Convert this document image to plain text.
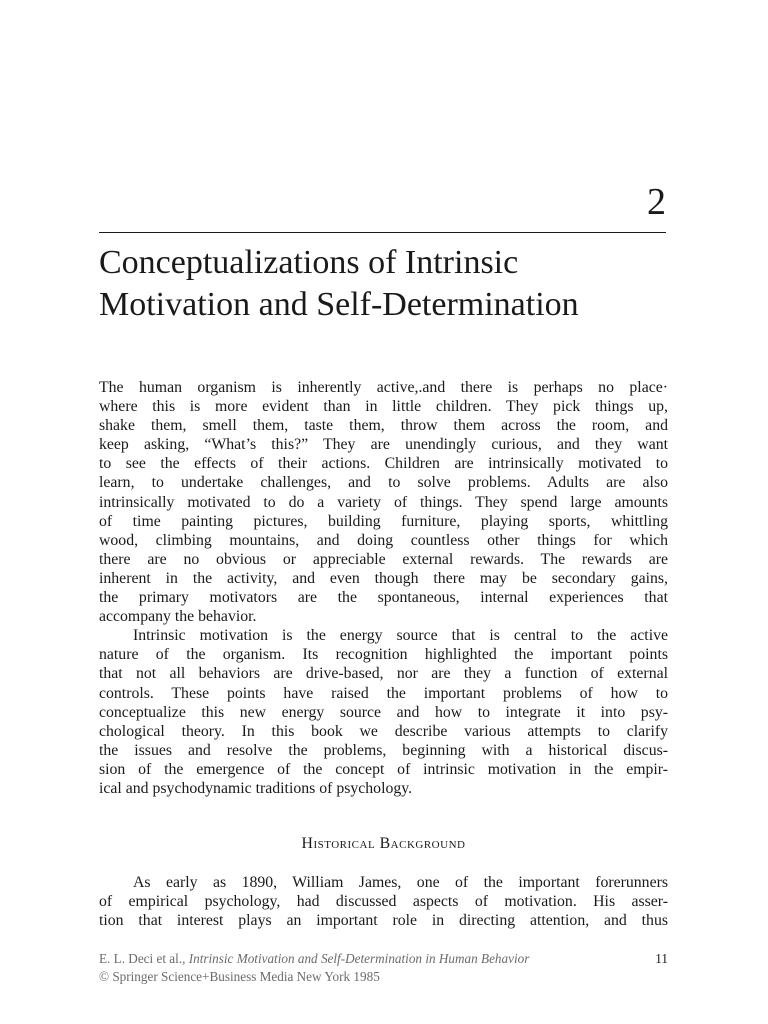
2
Conceptualizations of Intrinsic
Motivation and Self-Determination
The human organism is inherently active,.and there is perhaps no place·
where this is more evident than in little children. They pick things up,
shake them, smell them, taste them, throw them across the room, and
keep asking, “What’s this?” They are unendingly curious, and they want
to see the effects of their actions. Children are intrinsically motivated to
learn, to undertake challenges, and to solve problems. Adults are also
intrinsically motivated to do a variety of things. They spend large amounts
of time painting pictures, building furniture, playing sports, whittling
wood, climbing mountains, and doing countless other things for which
there are no obvious or appreciable external rewards. The rewards are
inherent in the activity, and even though there may be secondary gains,
the primary motivators are the spontaneous, internal experiences that
accompany the behavior.
Intrinsic motivation is the energy source that is central to the active
nature of the organism. Its recognition highlighted the important points
that not all behaviors are drive-based, nor are they a function of external
controls. These points have raised the important problems of how to
conceptualize this new energy source and how to integrate it into psy-
chological theory. In this book we describe various attempts to clarify
the issues and resolve the problems, beginning with a historical discus-
sion of the emergence of the concept of intrinsic motivation in the empir-
ical and psychodynamic traditions of psychology.
Historical Background
As early as 1890, William James, one of the important forerunners
of empirical psychology, had discussed aspects of motivation. His asser-
tion that interest plays an important role in directing attention, and thus
E. L. Deci et al., Intrinsic Motivation and Self-Determination in Human Behavior
© Springer Science+Business Media New York 1985
11
